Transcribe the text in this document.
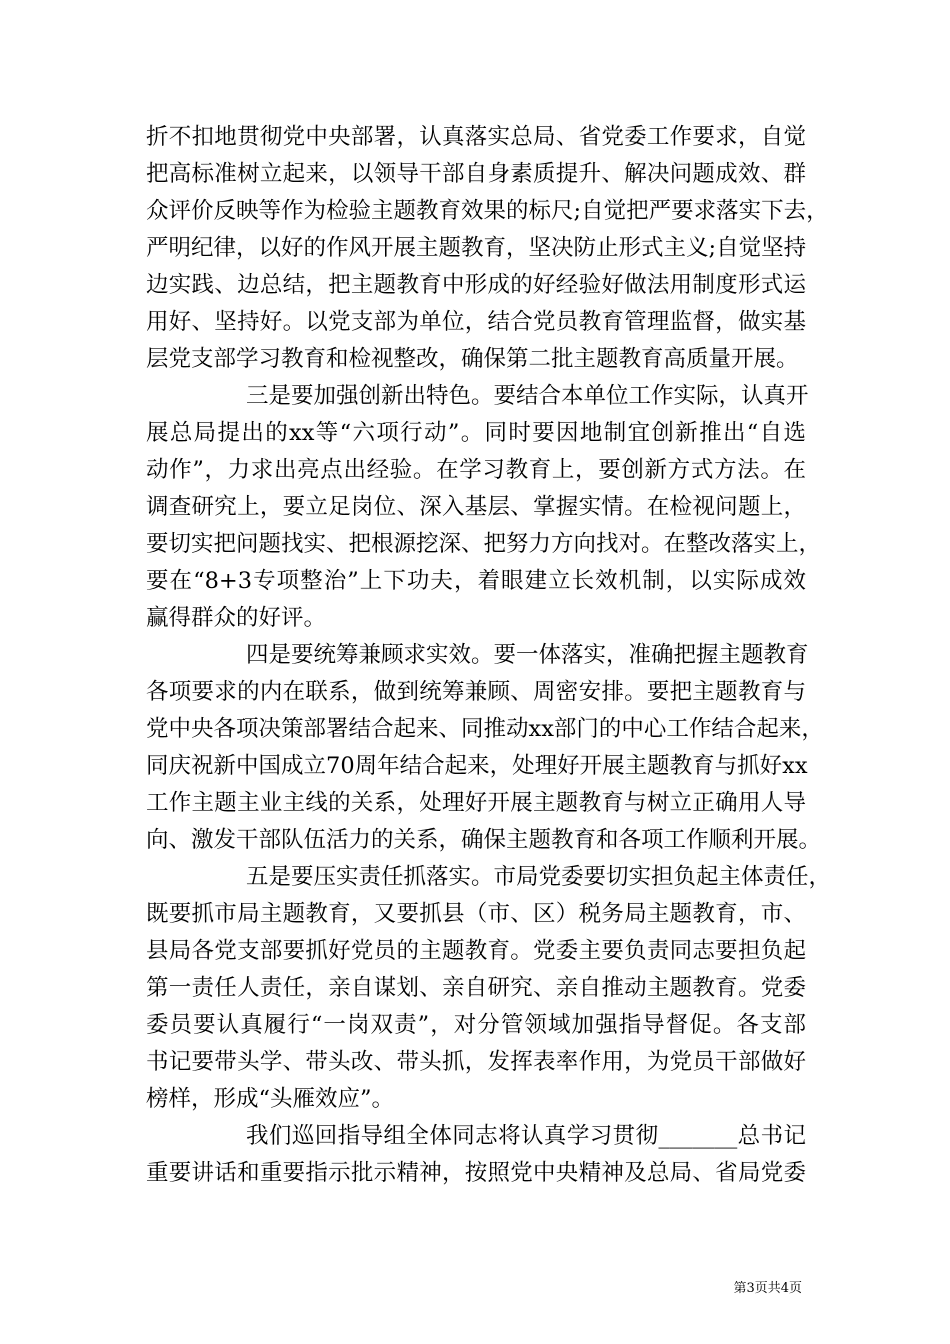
折不扣地贯彻党中央部署，认真落实总局、省党委工作要求，自觉
把高标准树立起来，以领导干部自身素质提升、解决问题成效、群
众评价反映等作为检验主题教育效果的标尺;自觉把严要求落实下去，
严明纪律，以好的作风开展主题教育，坚决防止形式主义;自觉坚持
边实践、边总结，把主题教育中形成的好经验好做法用制度形式运
用好、坚持好。以党支部为单位，结合党员教育管理监督，做实基
层党支部学习教育和检视整改，确保第二批主题教育高质量开展。
三是要加强创新出特色。要结合本单位工作实际，认真开
展总局提出的xx等“六项行动”。同时要因地制宜创新推出“自选
动作”，力求出亮点出经验。在学习教育上，要创新方式方法。在
调查研究上，要立足岗位、深入基层、掌握实情。在检视问题上，
要切实把问题找实、把根源挖深、把努力方向找对。在整改落实上，
要在“8+3专项整治”上下功夫，着眼建立长效机制，以实际成效
赢得群众的好评。
四是要统筹兼顾求实效。要一体落实，准确把握主题教育
各项要求的内在联系，做到统筹兼顾、周密安排。要把主题教育与
党中央各项决策部署结合起来、同推动xx部门的中心工作结合起来，
同庆祝新中国成立70周年结合起来，处理好开展主题教育与抓好xx
工作主题主业主线的关系，处理好开展主题教育与树立正确用人导
向、激发干部队伍活力的关系，确保主题教育和各项工作顺利开展。
五是要压实责任抓落实。市局党委要切实担负起主体责任，
既要抓市局主题教育，又要抓县（市、区）税务局主题教育，市、
县局各党支部要抓好党员的主题教育。党委主要负责同志要担负起
第一责任人责任，亲自谋划、亲自研究、亲自推动主题教育。党委
委员要认真履行“一岗双责”，对分管领域加强指导督促。各支部
书记要带头学、带头改、带头抓，发挥表率作用，为党员干部做好
榜样，形成“头雁效应”。
我们巡回指导组全体同志将认真学习贯彻_______总书记
重要讲话和重要指示批示精神，按照党中央精神及总局、省局党委
第3页共4页
